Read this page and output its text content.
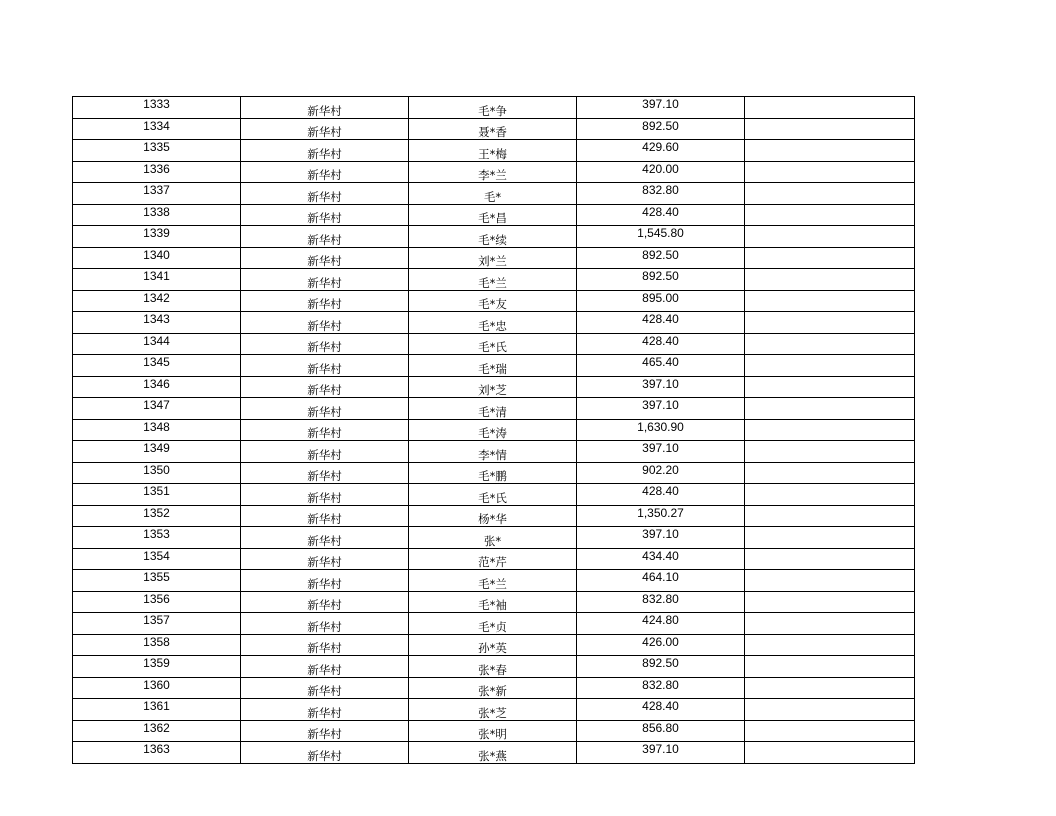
1333	新华村	毛*争	397.10	
1334	新华村	聂*香	892.50	
1335	新华村	王*梅	429.60	
1336	新华村	李*兰	420.00	
1337	新华村	毛*	832.80	
1338	新华村	毛*昌	428.40	
1339	新华村	毛*续	1,545.80	
1340	新华村	刘*兰	892.50	
1341	新华村	毛*兰	892.50	
1342	新华村	毛*友	895.00	
1343	新华村	毛*忠	428.40	
1344	新华村	毛*氏	428.40	
1345	新华村	毛*瑞	465.40	
1346	新华村	刘*芝	397.10	
1347	新华村	毛*清	397.10	
1348	新华村	毛*涛	1,630.90	
1349	新华村	李*情	397.10	
1350	新华村	毛*鹏	902.20	
1351	新华村	毛*氏	428.40	
1352	新华村	杨*华	1,350.27	
1353	新华村	张*	397.10	
1354	新华村	范*芹	434.40	
1355	新华村	毛*兰	464.10	
1356	新华村	毛*袖	832.80	
1357	新华村	毛*贞	424.80	
1358	新华村	孙*英	426.00	
1359	新华村	张*春	892.50	
1360	新华村	张*新	832.80	
1361	新华村	张*芝	428.40	
1362	新华村	张*明	856.80	
1363	新华村	张*燕	397.10	
